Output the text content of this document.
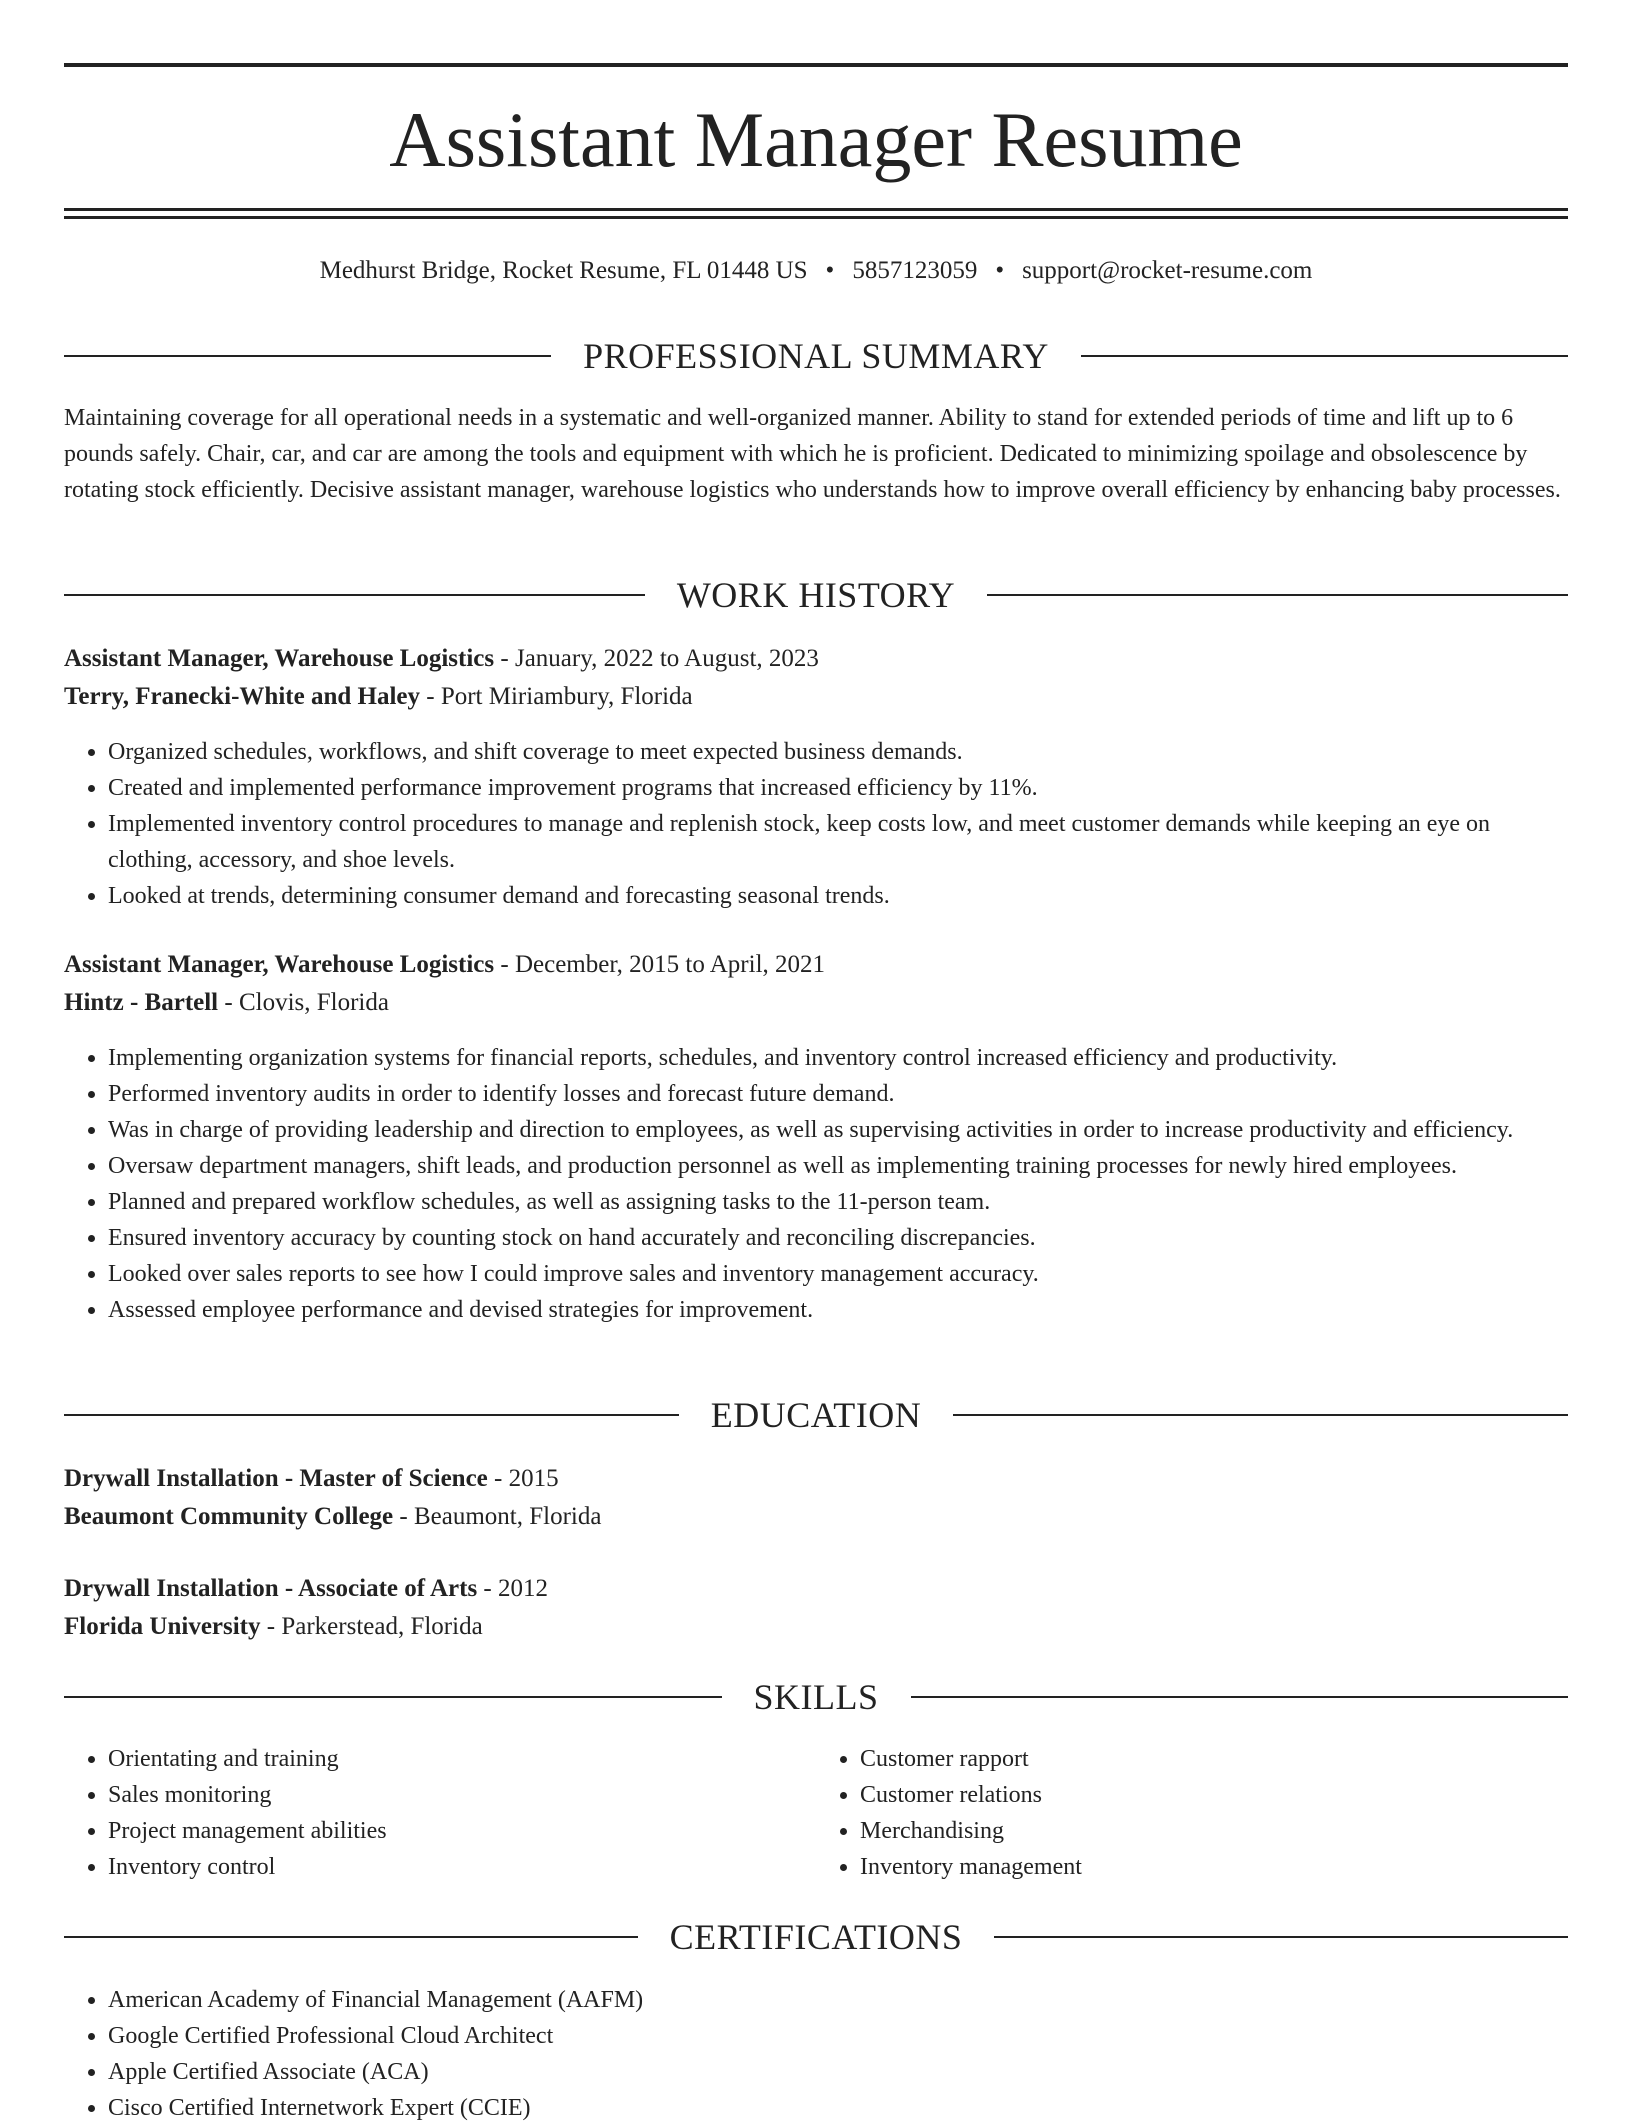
Assistant Manager Resume
Medhurst Bridge, Rocket Resume, FL 01448 US • 5857123059 • support@rocket-resume.com
PROFESSIONAL SUMMARY

Maintaining coverage for all operational needs in a systematic and well-organized manner. Ability to stand for extended periods of time and lift up to 6 pounds safely. Chair, car, and car are among the tools and equipment with which he is proficient. Dedicated to minimizing spoilage and obsolescence by rotating stock efficiently. Decisive assistant manager, warehouse logistics who understands how to improve overall efficiency by enhancing baby processes.

WORK HISTORY
Assistant Manager, Warehouse Logistics - January, 2022 to August, 2023
Terry, Franecki-White and Haley - Port Miriambury, Florida
• Organized schedules, workflows, and shift coverage to meet expected business demands.
• Created and implemented performance improvement programs that increased efficiency by 11%.
• Implemented inventory control procedures to manage and replenish stock, keep costs low, and meet customer demands while keeping an eye on clothing, accessory, and shoe levels.
• Looked at trends, determining consumer demand and forecasting seasonal trends.
Assistant Manager, Warehouse Logistics - December, 2015 to April, 2021
Hintz - Bartell - Clovis, Florida
• Implementing organization systems for financial reports, schedules, and inventory control increased efficiency and productivity.
• Performed inventory audits in order to identify losses and forecast future demand.
• Was in charge of providing leadership and direction to employees, as well as supervising activities in order to increase productivity and efficiency.
• Oversaw department managers, shift leads, and production personnel as well as implementing training processes for newly hired employees.
• Planned and prepared workflow schedules, as well as assigning tasks to the 11-person team.
• Ensured inventory accuracy by counting stock on hand accurately and reconciling discrepancies.
• Looked over sales reports to see how I could improve sales and inventory management accuracy.
• Assessed employee performance and devised strategies for improvement.
EDUCATION
Drywall Installation - Master of Science - 2015
Beaumont Community College - Beaumont, Florida
Drywall Installation - Associate of Arts - 2012
Florida University - Parkerstead, Florida
SKILLS
• Orientating and training
• Sales monitoring
• Project management abilities
• Inventory control
• Customer rapport
• Customer relations
• Merchandising
• Inventory management
CERTIFICATIONS
• American Academy of Financial Management (AAFM)
• Google Certified Professional Cloud Architect
• Apple Certified Associate (ACA)
• Cisco Certified Internetwork Expert (CCIE)
